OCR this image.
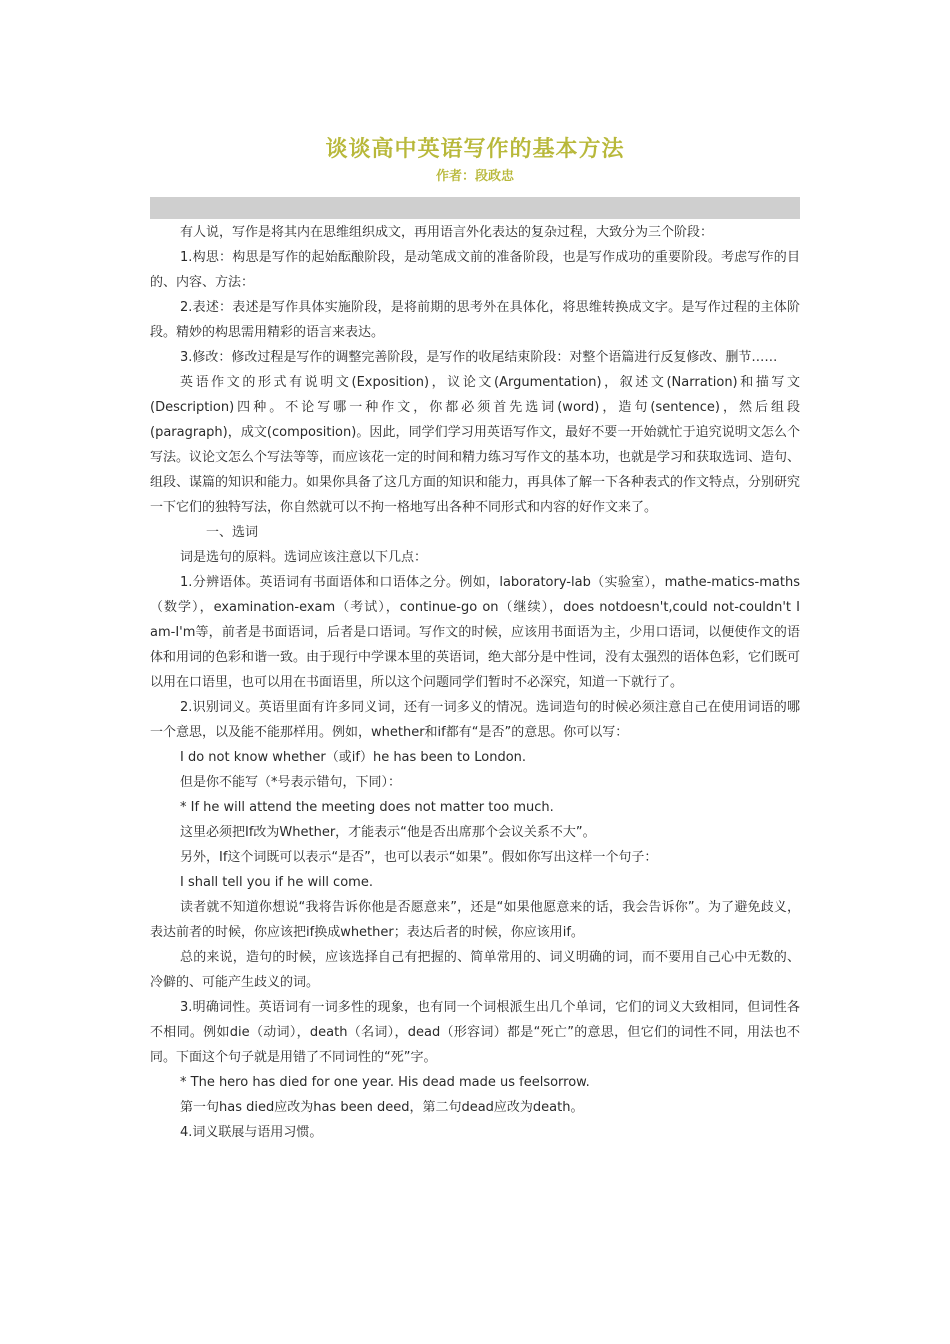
谈谈高中英语写作的基本方法
作者：段政忠

有人说，写作是将其内在思维组织成文，再用语言外化表达的复杂过程，大致分为三个阶段：

1.构思：构思是写作的起始酝酿阶段，是动笔成文前的准备阶段，也是写作成功的重要阶段。考虑写作的目的、内容、方法：

2.表述：表述是写作具体实施阶段，是将前期的思考外在具体化，将思维转换成文字。是写作过程的主体阶段。精妙的构思需用精彩的语言来表达。

3.修改：修改过程是写作的调整完善阶段，是写作的收尾结束阶段：对整个语篇进行反复修改、删节……

英语作文的形式有说明文(Exposition)，议论文(Argumentation)，叙述文(Narration)和描写文(Description)四种。不论写哪一种作文，你都必须首先选词(word)，造句(sentence)，然后组段(paragraph)，成文(composition)。因此，同学们学习用英语写作文，最好不要一开始就忙于追究说明文怎么个写法。议论文怎么个写法等等，而应该花一定的时间和精力练习写作文的基本功，也就是学习和获取选词、造句、组段、谋篇的知识和能力。如果你具备了这几方面的知识和能力，再具体了解一下各种表式的作文特点，分别研究一下它们的独特写法，你自然就可以不拘一格地写出各种不同形式和内容的好作文来了。

一、选词

词是选句的原料。选词应该注意以下几点：

1.分辨语体。英语词有书面语体和口语体之分。例如，laboratory-lab（实验室），mathe-matics-maths（数学），examination-exam（考试），continue-go on（继续），does notdoesn't,could not-couldn't I am-I'm等，前者是书面语词，后者是口语词。写作文的时候，应该用书面语为主，少用口语词，以便使作文的语体和用词的色彩和谐一致。由于现行中学课本里的英语词，绝大部分是中性词，没有太强烈的语体色彩，它们既可以用在口语里，也可以用在书面语里，所以这个问题同学们暂时不必深究，知道一下就行了。

2.识别词义。英语里面有许多同义词，还有一词多义的情况。选词造句的时候必须注意自己在使用词语的哪一个意思，以及能不能那样用。例如，whether和if都有“是否”的意思。你可以写：

I do not know whether（或if）he has been to London.

但是你不能写（*号表示错句，下同）：

* If he will attend the meeting does not matter too much.

这里必须把If改为Whether，才能表示“他是否出席那个会议关系不大”。

另外，If这个词既可以表示“是否”，也可以表示“如果”。假如你写出这样一个句子：

I shall tell you if he will come.

读者就不知道你想说“我将告诉你他是否愿意来”，还是“如果他愿意来的话，我会告诉你”。为了避免歧义，表达前者的时候，你应该把if换成whether；表达后者的时候，你应该用if。

总的来说，造句的时候，应该选择自己有把握的、简单常用的、词义明确的词，而不要用自己心中无数的、冷僻的、可能产生歧义的词。

3.明确词性。英语词有一词多性的现象，也有同一个词根派生出几个单词，它们的词义大致相同，但词性各不相同。例如die（动词），death（名词），dead（形容词）都是“死亡”的意思，但它们的词性不同，用法也不同。下面这个句子就是用错了不同词性的“死”字。

* The hero has died for one year. His dead made us feelsorrow.

第一句has died应改为has been deed，第二句dead应改为death。

4.词义联展与语用习惯。
